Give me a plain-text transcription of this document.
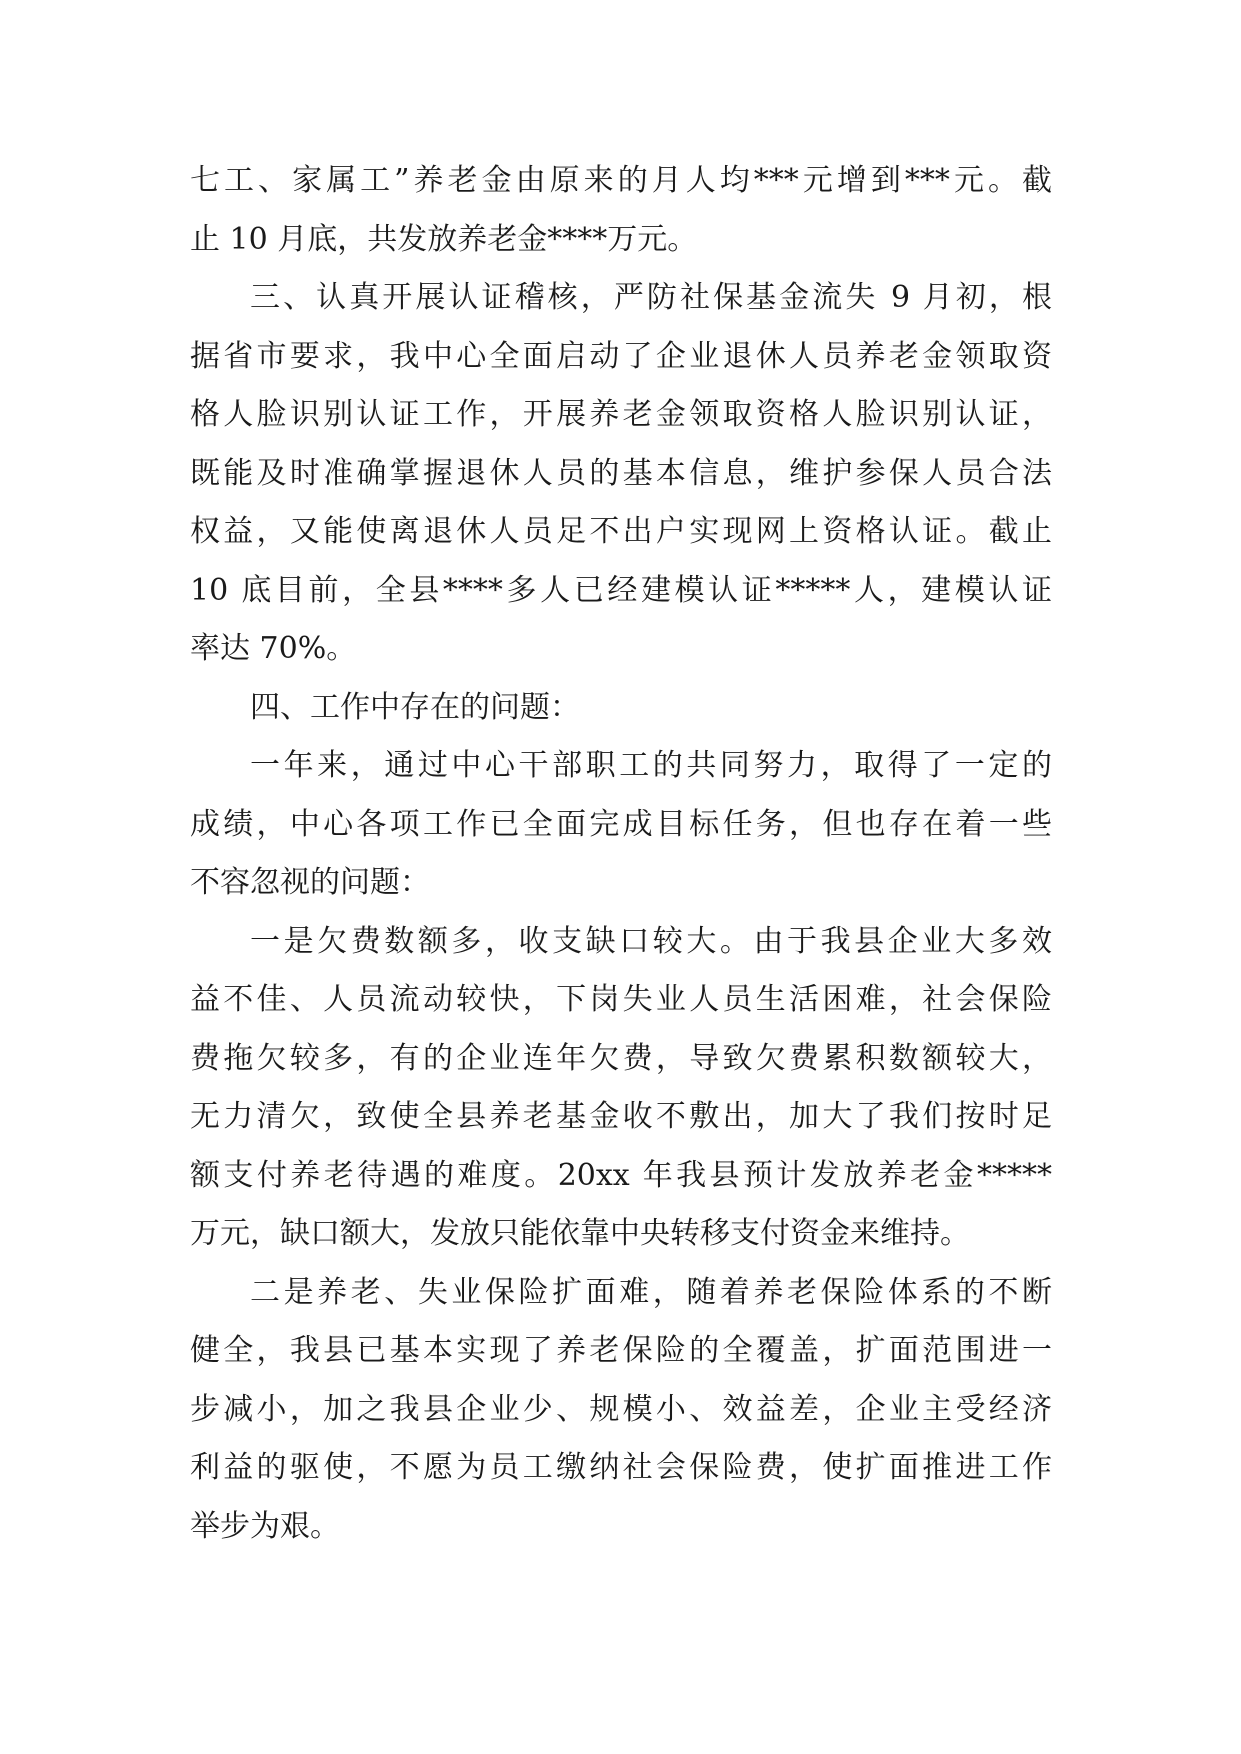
七工、家属工”养老金由原来的月人均***元增到***元。截
止 10 月底，共发放养老金****万元。
三、认真开展认证稽核，严防社保基金流失 9 月初，根
据省市要求，我中心全面启动了企业退休人员养老金领取资
格人脸识别认证工作，开展养老金领取资格人脸识别认证，
既能及时准确掌握退休人员的基本信息，维护参保人员合法
权益，又能使离退休人员足不出户实现网上资格认证。截止
10 底目前，全县****多人已经建模认证*****人，建模认证
率达 70%。
四、工作中存在的问题：
一年来，通过中心干部职工的共同努力，取得了一定的
成绩，中心各项工作已全面完成目标任务，但也存在着一些
不容忽视的问题：
一是欠费数额多，收支缺口较大。由于我县企业大多效
益不佳、人员流动较快，下岗失业人员生活困难，社会保险
费拖欠较多，有的企业连年欠费，导致欠费累积数额较大，
无力清欠，致使全县养老基金收不敷出，加大了我们按时足
额支付养老待遇的难度。20xx 年我县预计发放养老金*****
万元，缺口额大，发放只能依靠中央转移支付资金来维持。
二是养老、失业保险扩面难，随着养老保险体系的不断
健全，我县已基本实现了养老保险的全覆盖，扩面范围进一
步减小，加之我县企业少、规模小、效益差，企业主受经济
利益的驱使，不愿为员工缴纳社会保险费，使扩面推进工作
举步为艰。
